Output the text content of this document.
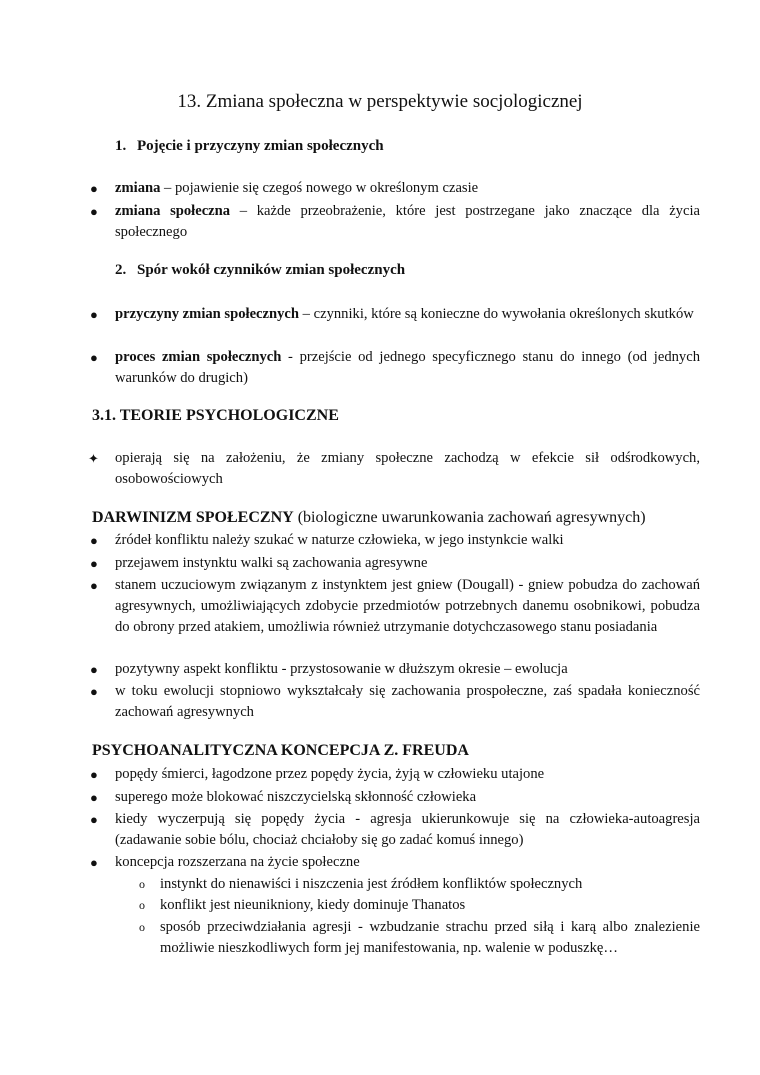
13. Zmiana społeczna w perspektywie socjologicznej
1. Pojęcie i przyczyny zmian społecznych
● zmiana – pojawienie się czegoś nowego w określonym czasie
● zmiana społeczna – każde przeobrażenie, które jest postrzegane jako znaczące dla życia społecznego
2. Spór wokół czynników zmian społecznych
● przyczyny zmian społecznych – czynniki, które są konieczne do wywołania określonych skutków
● proces zmian społecznych - przejście od jednego specyficznego stanu do innego (od jednych warunków do drugich)
3.1. TEORIE PSYCHOLOGICZNE
✦ opierają się na założeniu, że zmiany społeczne zachodzą w efekcie sił odśrodkowych, osobowościowych
DARWINIZM SPOŁECZNY (biologiczne uwarunkowania zachowań agresywnych)
● źródeł konfliktu należy szukać w naturze człowieka, w jego instynkcie walki
● przejawem instynktu walki są zachowania agresywne
● stanem uczuciowym związanym z instynktem jest gniew (Dougall) - gniew pobudza do zachowań agresywnych, umożliwiających zdobycie przedmiotów potrzebnych danemu osobnikowi, pobudza do obrony przed atakiem, umożliwia również utrzymanie dotychczasowego stanu posiadania
● pozytywny aspekt konfliktu - przystosowanie w dłuższym okresie – ewolucja
● w toku ewolucji stopniowo wykształcały się zachowania prospołeczne, zaś spadała konieczność zachowań agresywnych
PSYCHOANALITYCZNA KONCEPCJA Z. FREUDA
● popędy śmierci, łagodzone przez popędy życia, żyją w człowieku utajone
● superego może blokować niszczycielską skłonność człowieka
● kiedy wyczerpują się popędy życia - agresja ukierunkowuje się na człowieka-autoagresja (zadawanie sobie bólu, chociaż chciałoby się go zadać komuś innego)
● koncepcja rozszerzana na życie społeczne
o instynkt do nienawiści i niszczenia jest źródłem konfliktów społecznych
o konflikt jest nieunikniony, kiedy dominuje Thanatos
o sposób przeciwdziałania agresji - wzbudzanie strachu przed siłą i karą albo znalezienie możliwie nieszkodliwych form jej manifestowania, np. walenie w poduszkę…
